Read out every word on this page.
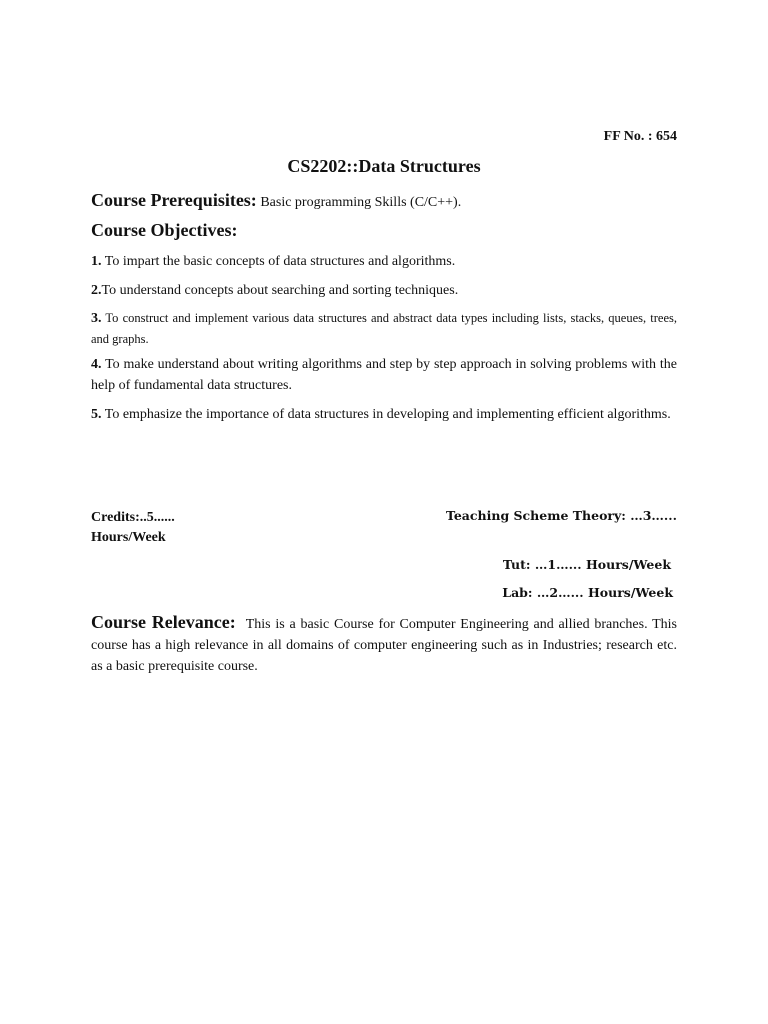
FF No. : 654
CS2202::Data Structures
Course Prerequisites: Basic programming Skills (C/C++).
Course Objectives:
1. To impart the basic concepts of data structures and algorithms.
2.To understand concepts about searching and sorting techniques.
3. To construct and implement various data structures and abstract data types including lists, stacks, queues, trees, and graphs.
4. To make understand about writing algorithms and step by step approach in solving problems with the help of fundamental data structures.
5. To emphasize the importance of data structures in developing and implementing efficient algorithms.
Credits:..5......
Hours/Week
Teaching Scheme Theory: …3…...
Tut: …1…... Hours/Week
Lab: …2…... Hours/Week
Course Relevance: This is a basic Course for Computer Engineering and allied branches. This course has a high relevance in all domains of computer engineering such as in Industries; research etc. as a basic prerequisite course.
